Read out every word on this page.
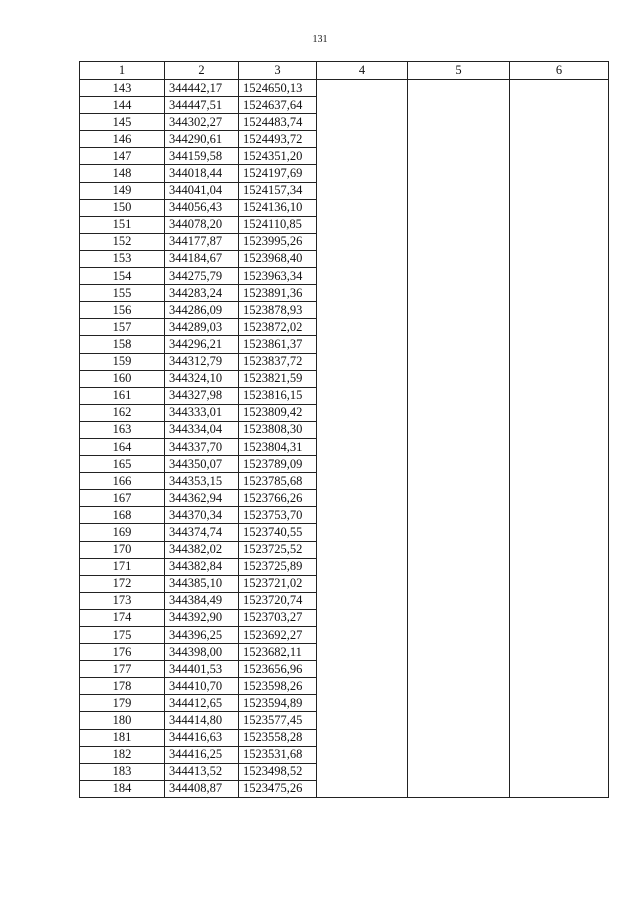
131
1	2	3	4	5	6
143	344442,17	1524650,13			
144	344447,51	1524637,64			
145	344302,27	1524483,74			
146	344290,61	1524493,72			
147	344159,58	1524351,20			
148	344018,44	1524197,69			
149	344041,04	1524157,34			
150	344056,43	1524136,10			
151	344078,20	1524110,85			
152	344177,87	1523995,26			
153	344184,67	1523968,40			
154	344275,79	1523963,34			
155	344283,24	1523891,36			
156	344286,09	1523878,93			
157	344289,03	1523872,02			
158	344296,21	1523861,37			
159	344312,79	1523837,72			
160	344324,10	1523821,59			
161	344327,98	1523816,15			
162	344333,01	1523809,42			
163	344334,04	1523808,30			
164	344337,70	1523804,31			
165	344350,07	1523789,09			
166	344353,15	1523785,68			
167	344362,94	1523766,26			
168	344370,34	1523753,70			
169	344374,74	1523740,55			
170	344382,02	1523725,52			
171	344382,84	1523725,89			
172	344385,10	1523721,02			
173	344384,49	1523720,74			
174	344392,90	1523703,27			
175	344396,25	1523692,27			
176	344398,00	1523682,11			
177	344401,53	1523656,96			
178	344410,70	1523598,26			
179	344412,65	1523594,89			
180	344414,80	1523577,45			
181	344416,63	1523558,28			
182	344416,25	1523531,68			
183	344413,52	1523498,52			
184	344408,87	1523475,26			
